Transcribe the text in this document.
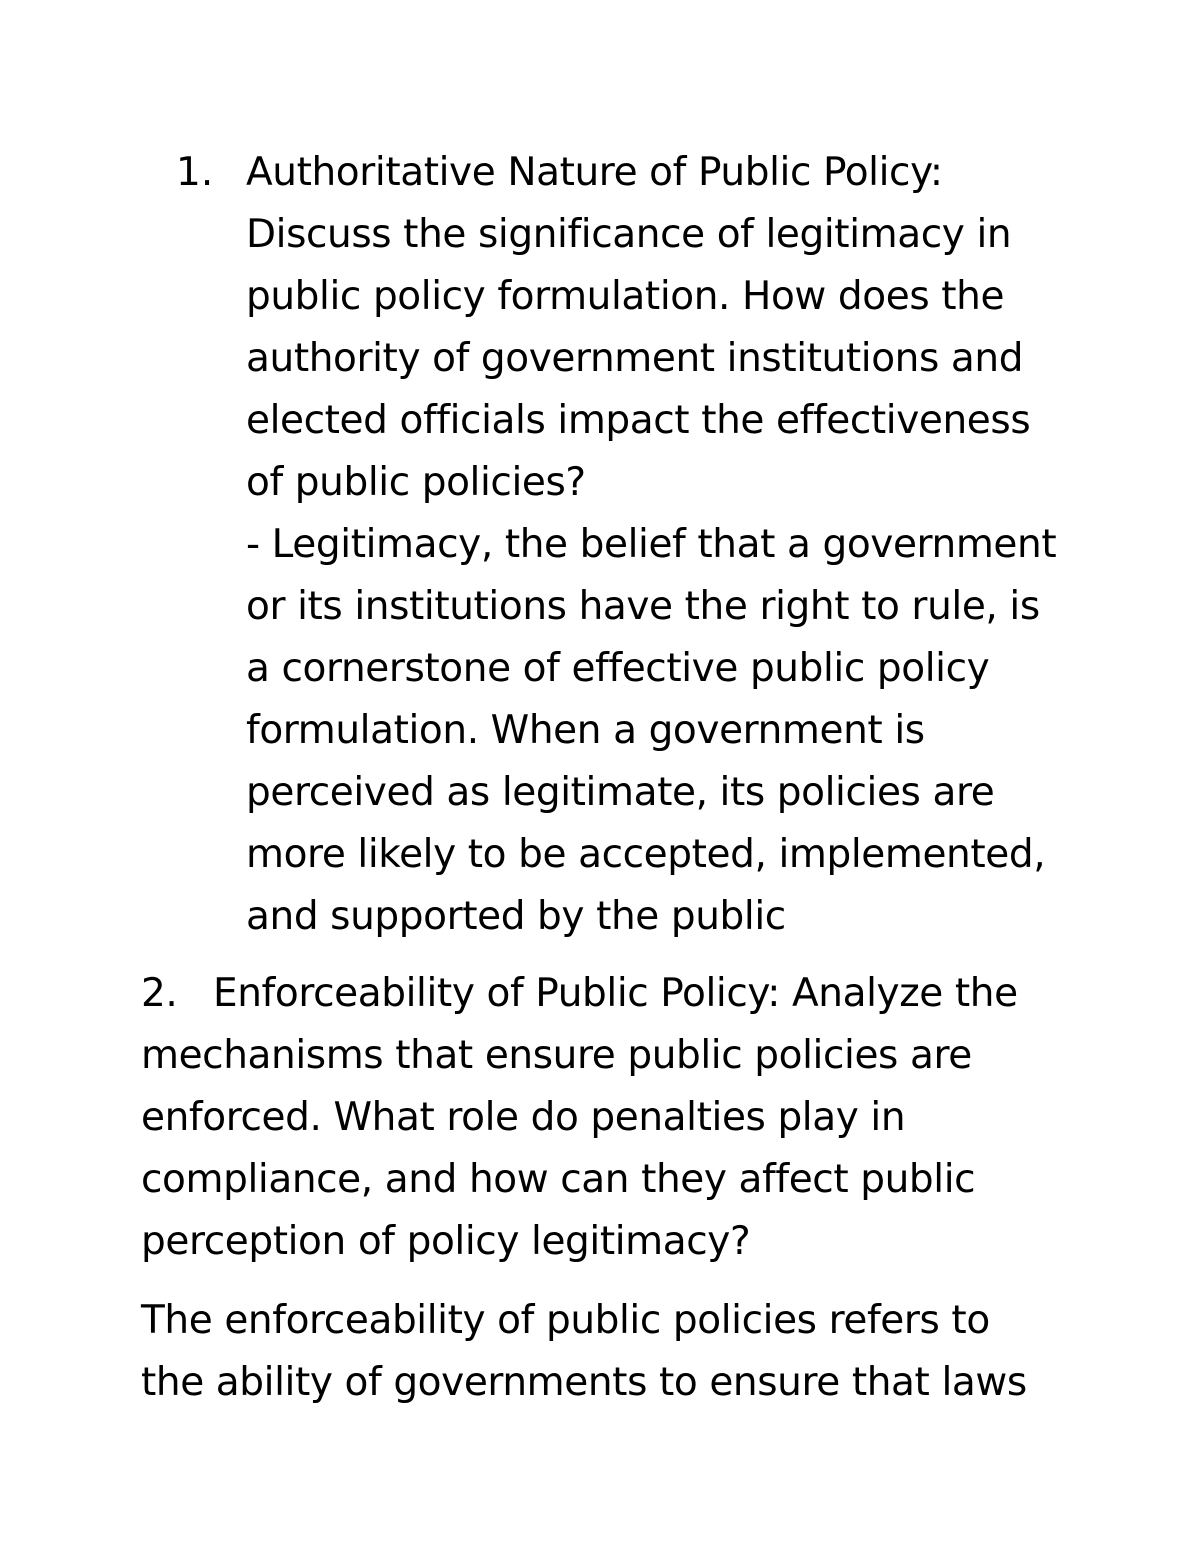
1. Authoritative Nature of Public Policy:
Discuss the significance of legitimacy in
public policy formulation. How does the
authority of government institutions and
elected officials impact the effectiveness
of public policies?
- Legitimacy, the belief that a government
or its institutions have the right to rule, is
a cornerstone of effective public policy
formulation. When a government is
perceived as legitimate, its policies are
more likely to be accepted, implemented,
and supported by the public
2. Enforceability of Public Policy: Analyze the
mechanisms that ensure public policies are
enforced. What role do penalties play in
compliance, and how can they affect public
perception of policy legitimacy?
The enforceability of public policies refers to
the ability of governments to ensure that laws
